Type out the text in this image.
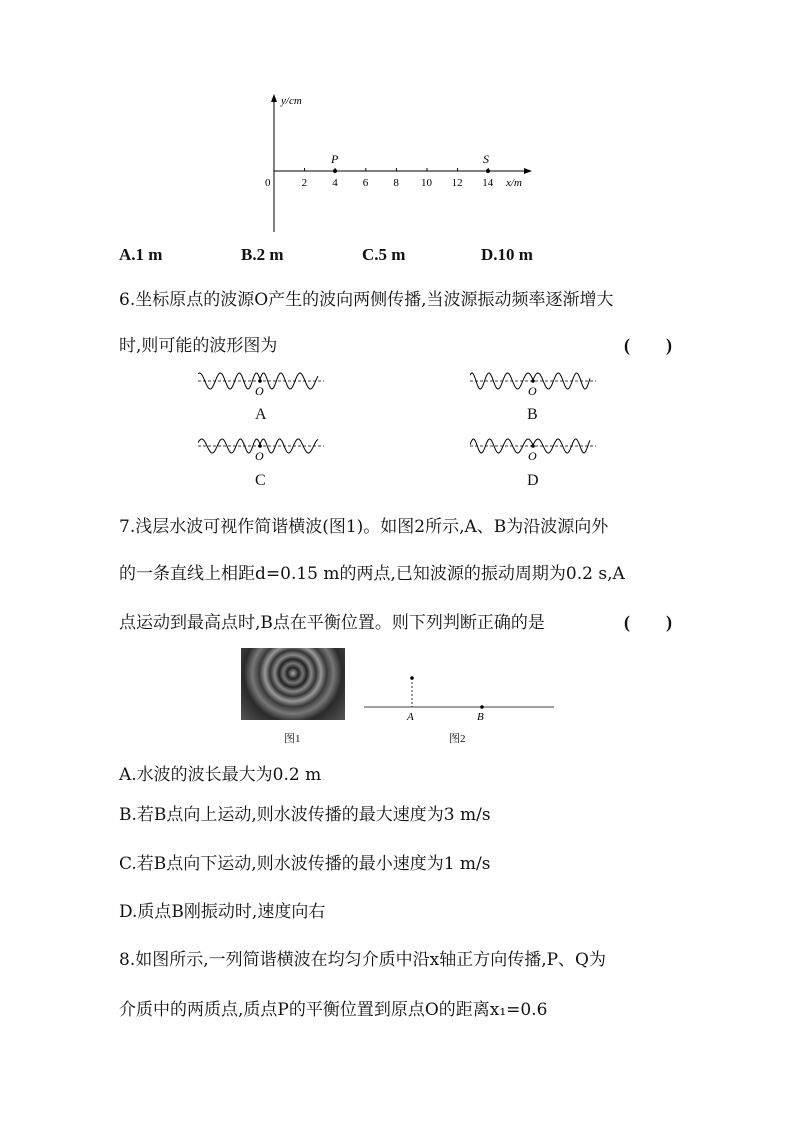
2 4 6 8 10 12 14
y/cm
x/m
0
P	S
A.1 m	B.2 m	C.5 m	D.10 m
6.坐标原点的波源O产生的波向两侧传播,当波源振动频率逐渐增大
时,则可能的波形图为	(　　)
O
A
O
B
O
C
O
D
7.浅层水波可视作简谐横波(图1)。如图2所示,A、B为沿波源向外
的一条直线上相距d=0.15 m的两点,已知波源的振动周期为0.2 s,A
点运动到最高点时,B点在平衡位置。则下列判断正确的是	(　　)
图1
A	B
图2
A.水波的波长最大为0.2 m
B.若B点向上运动,则水波传播的最大速度为3 m/s
C.若B点向下运动,则水波传播的最小速度为1 m/s
D.质点B刚振动时,速度向右
8.如图所示,一列简谐横波在均匀介质中沿x轴正方向传播,P、Q为
介质中的两质点,质点P的平衡位置到原点O的距离x₁=0.6
